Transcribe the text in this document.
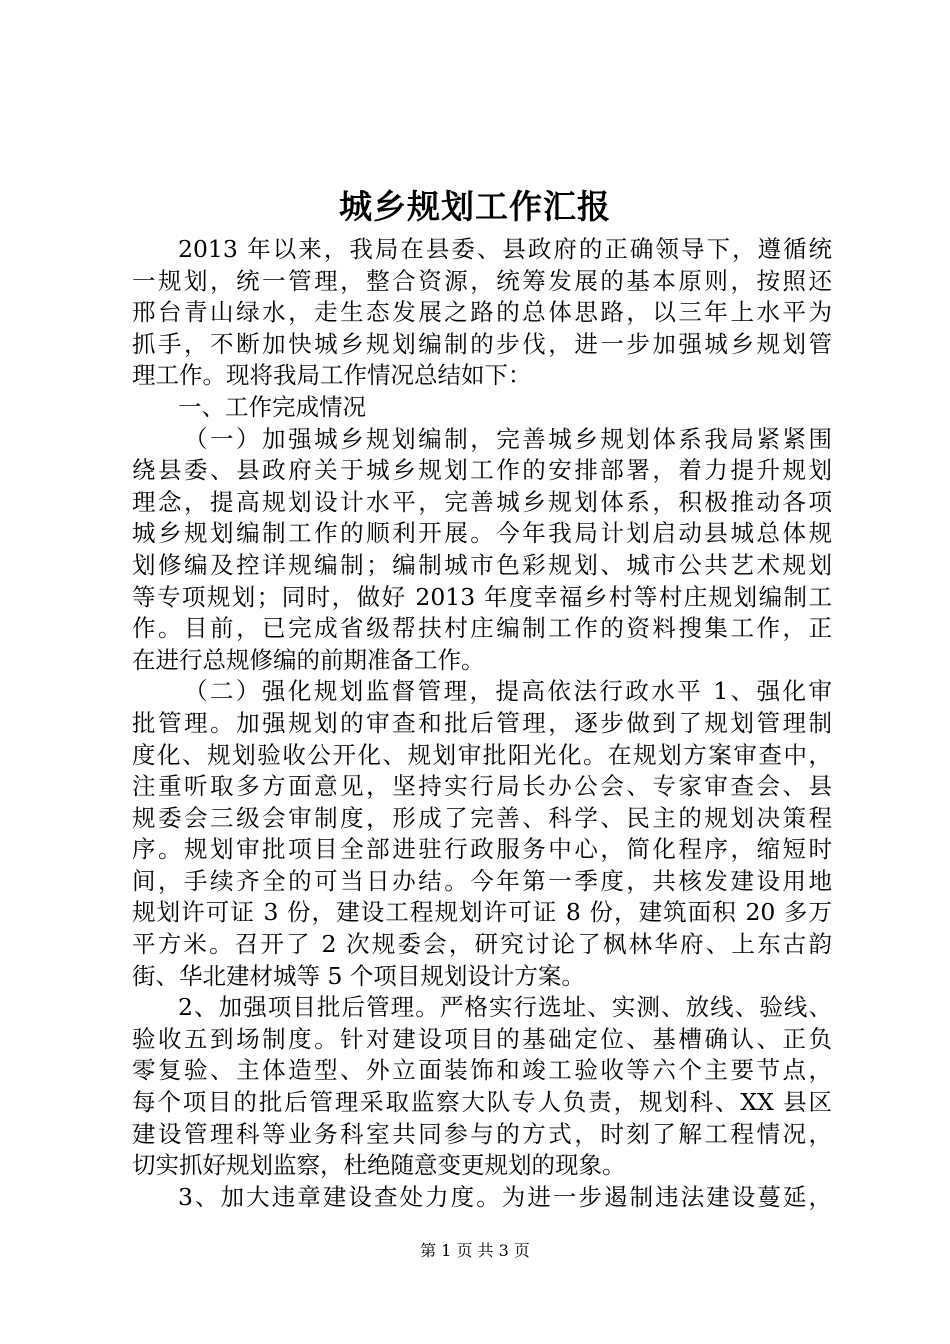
城乡规划工作汇报
2013 年以来，我局在县委、县政府的正确领导下，遵循统
一规划，统一管理，整合资源，统筹发展的基本原则，按照还
邢台青山绿水，走生态发展之路的总体思路，以三年上水平为
抓手，不断加快城乡规划编制的步伐，进一步加强城乡规划管
理工作。现将我局工作情况总结如下：
一、工作完成情况
（一）加强城乡规划编制，完善城乡规划体系我局紧紧围
绕县委、县政府关于城乡规划工作的安排部署，着力提升规划
理念，提高规划设计水平，完善城乡规划体系，积极推动各项
城乡规划编制工作的顺利开展。今年我局计划启动县城总体规
划修编及控详规编制；编制城市色彩规划、城市公共艺术规划
等专项规划；同时，做好 2013 年度幸福乡村等村庄规划编制工
作。目前，已完成省级帮扶村庄编制工作的资料搜集工作，正
在进行总规修编的前期准备工作。
（二）强化规划监督管理，提高依法行政水平 1、强化审
批管理。加强规划的审查和批后管理，逐步做到了规划管理制
度化、规划验收公开化、规划审批阳光化。在规划方案审查中，
注重听取多方面意见，坚持实行局长办公会、专家审查会、县
规委会三级会审制度，形成了完善、科学、民主的规划决策程
序。规划审批项目全部进驻行政服务中心，简化程序，缩短时
间，手续齐全的可当日办结。今年第一季度，共核发建设用地
规划许可证 3 份，建设工程规划许可证 8 份，建筑面积 20 多万
平方米。召开了 2 次规委会，研究讨论了枫林华府、上东古韵
街、华北建材城等 5 个项目规划设计方案。
2、加强项目批后管理。严格实行选址、实测、放线、验线、
验收五到场制度。针对建设项目的基础定位、基槽确认、正负
零复验、主体造型、外立面装饰和竣工验收等六个主要节点，
每个项目的批后管理采取监察大队专人负责，规划科、XX 县区
建设管理科等业务科室共同参与的方式，时刻了解工程情况，
切实抓好规划监察，杜绝随意变更规划的现象。
3、加大违章建设查处力度。为进一步遏制违法建设蔓延，
第 1 页 共 3 页
